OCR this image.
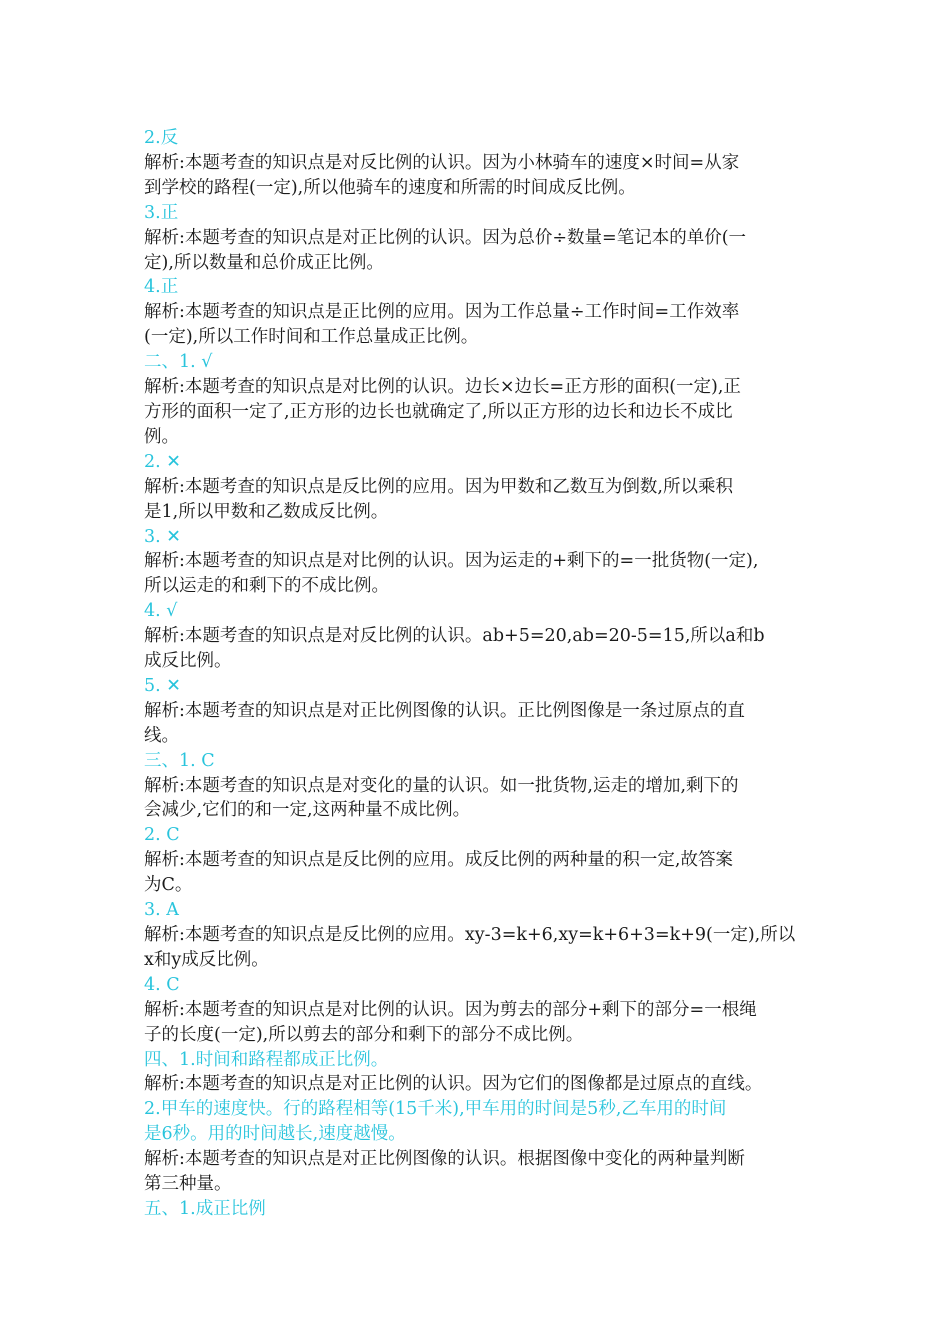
2.反
解析:本题考查的知识点是对反比例的认识。因为小林骑车的速度×时间=从家
到学校的路程(一定),所以他骑车的速度和所需的时间成反比例。
3.正
解析:本题考查的知识点是对正比例的认识。因为总价÷数量=笔记本的单价(一
定),所以数量和总价成正比例。
4.正
解析:本题考查的知识点是正比例的应用。因为工作总量÷工作时间=工作效率
(一定),所以工作时间和工作总量成正比例。
二、1. √
解析:本题考查的知识点是对比例的认识。边长×边长=正方形的面积(一定),正
方形的面积一定了,正方形的边长也就确定了,所以正方形的边长和边长不成比
例。
2. ✕
解析:本题考查的知识点是反比例的应用。因为甲数和乙数互为倒数,所以乘积
是1,所以甲数和乙数成反比例。
3. ✕
解析:本题考查的知识点是对比例的认识。因为运走的+剩下的=一批货物(一定),
所以运走的和剩下的不成比例。
4. √
解析:本题考查的知识点是对反比例的认识。ab+5=20,ab=20-5=15,所以a和b
成反比例。
5. ✕
解析:本题考查的知识点是对正比例图像的认识。正比例图像是一条过原点的直
线。
三、1. C
解析:本题考查的知识点是对变化的量的认识。如一批货物,运走的增加,剩下的
会减少,它们的和一定,这两种量不成比例。
2. C
解析:本题考查的知识点是反比例的应用。成反比例的两种量的积一定,故答案
为C。
3. A
解析:本题考查的知识点是反比例的应用。xy-3=k+6,xy=k+6+3=k+9(一定),所以
x和y成反比例。
4. C
解析:本题考查的知识点是对比例的认识。因为剪去的部分+剩下的部分=一根绳
子的长度(一定),所以剪去的部分和剩下的部分不成比例。
四、1.时间和路程都成正比例。
解析:本题考查的知识点是对正比例的认识。因为它们的图像都是过原点的直线。
2.甲车的速度快。行的路程相等(15千米),甲车用的时间是5秒,乙车用的时间
是6秒。用的时间越长,速度越慢。
解析:本题考查的知识点是对正比例图像的认识。根据图像中变化的两种量判断
第三种量。
五、1.成正比例
